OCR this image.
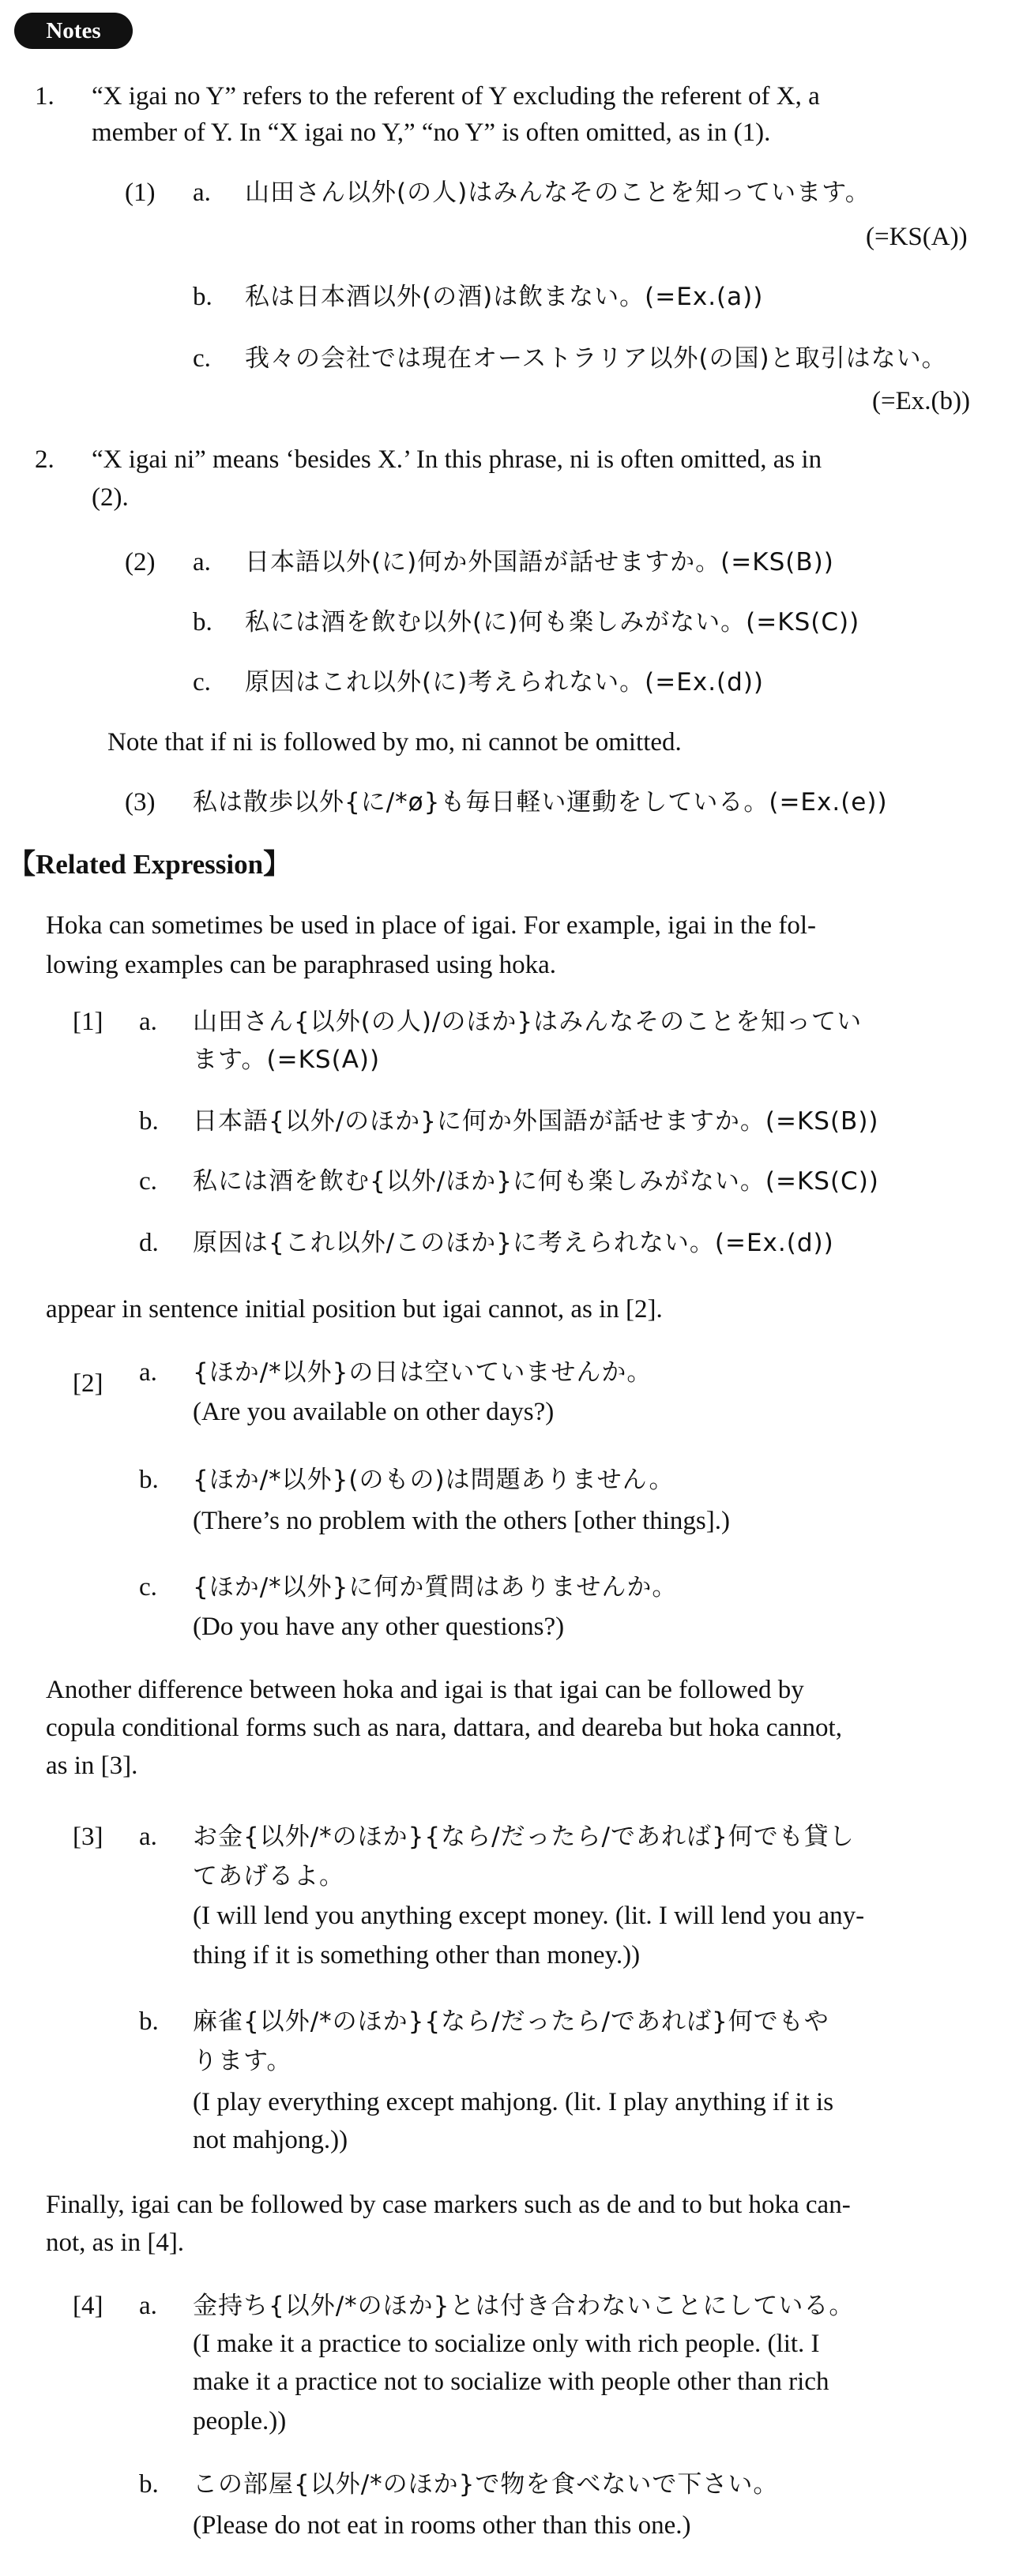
Notes
1. “X igai no Y” refers to the referent of Y excluding the referent of X, a
member of Y. In “X igai no Y,” “no Y” is often omitted, as in (1).
(1) a. 山田さん以外(の人)はみんなそのことを知っています。
(=KS(A))
b. 私は日本酒以外(の酒)は飲まない。(=Ex.(a))
c. 我々の会社では現在オーストラリア以外(の国)と取引はない。
(=Ex.(b))
2. “X igai ni” means ‘besides X.’ In this phrase, ni is often omitted, as in
(2).
(2) a. 日本語以外(に)何か外国語が話せますか。(=KS(B))
b. 私には酒を飲む以外(に)何も楽しみがない。(=KS(C))
c. 原因はこれ以外(に)考えられない。(=Ex.(d))
Note that if ni is followed by mo, ni cannot be omitted.
(3) 私は散歩以外{に/*ø}も毎日軽い運動をしている。(=Ex.(e))
【Related Expression】
Hoka can sometimes be used in place of igai. For example, igai in the fol-
lowing examples can be paraphrased using hoka.
[1] a. 山田さん{以外(の人)/のほか}はみんなそのことを知ってい
ます。(=KS(A))
b. 日本語{以外/のほか}に何か外国語が話せますか。(=KS(B))
c. 私には酒を飲む{以外/ほか}に何も楽しみがない。(=KS(C))
d. 原因は{これ以外/このほか}に考えられない。(=Ex.(d))
appear in sentence initial position but igai cannot, as in [2].
[2] a. {ほか/*以外}の日は空いていませんか。
(Are you available on other days?)
b. {ほか/*以外}(のもの)は問題ありません。
(There’s no problem with the others [other things].)
c. {ほか/*以外}に何か質問はありませんか。
(Do you have any other questions?)
Another difference between hoka and igai is that igai can be followed by
copula conditional forms such as nara, dattara, and deareba but hoka cannot,
as in [3].
[3] a. お金{以外/*のほか}{なら/だったら/であれば}何でも貸し
てあげるよ。
(I will lend you anything except money. (lit. I will lend you any-
thing if it is something other than money.))
b. 麻雀{以外/*のほか}{なら/だったら/であれば}何でもや
ります。
(I play everything except mahjong. (lit. I play anything if it is
not mahjong.))
Finally, igai can be followed by case markers such as de and to but hoka can-
not, as in [4].
[4] a. 金持ち{以外/*のほか}とは付き合わないことにしている。
(I make it a practice to socialize only with rich people. (lit. I
make it a practice not to socialize with people other than rich
people.))
b. この部屋{以外/*のほか}で物を食べないで下さい。
(Please do not eat in rooms other than this one.)
